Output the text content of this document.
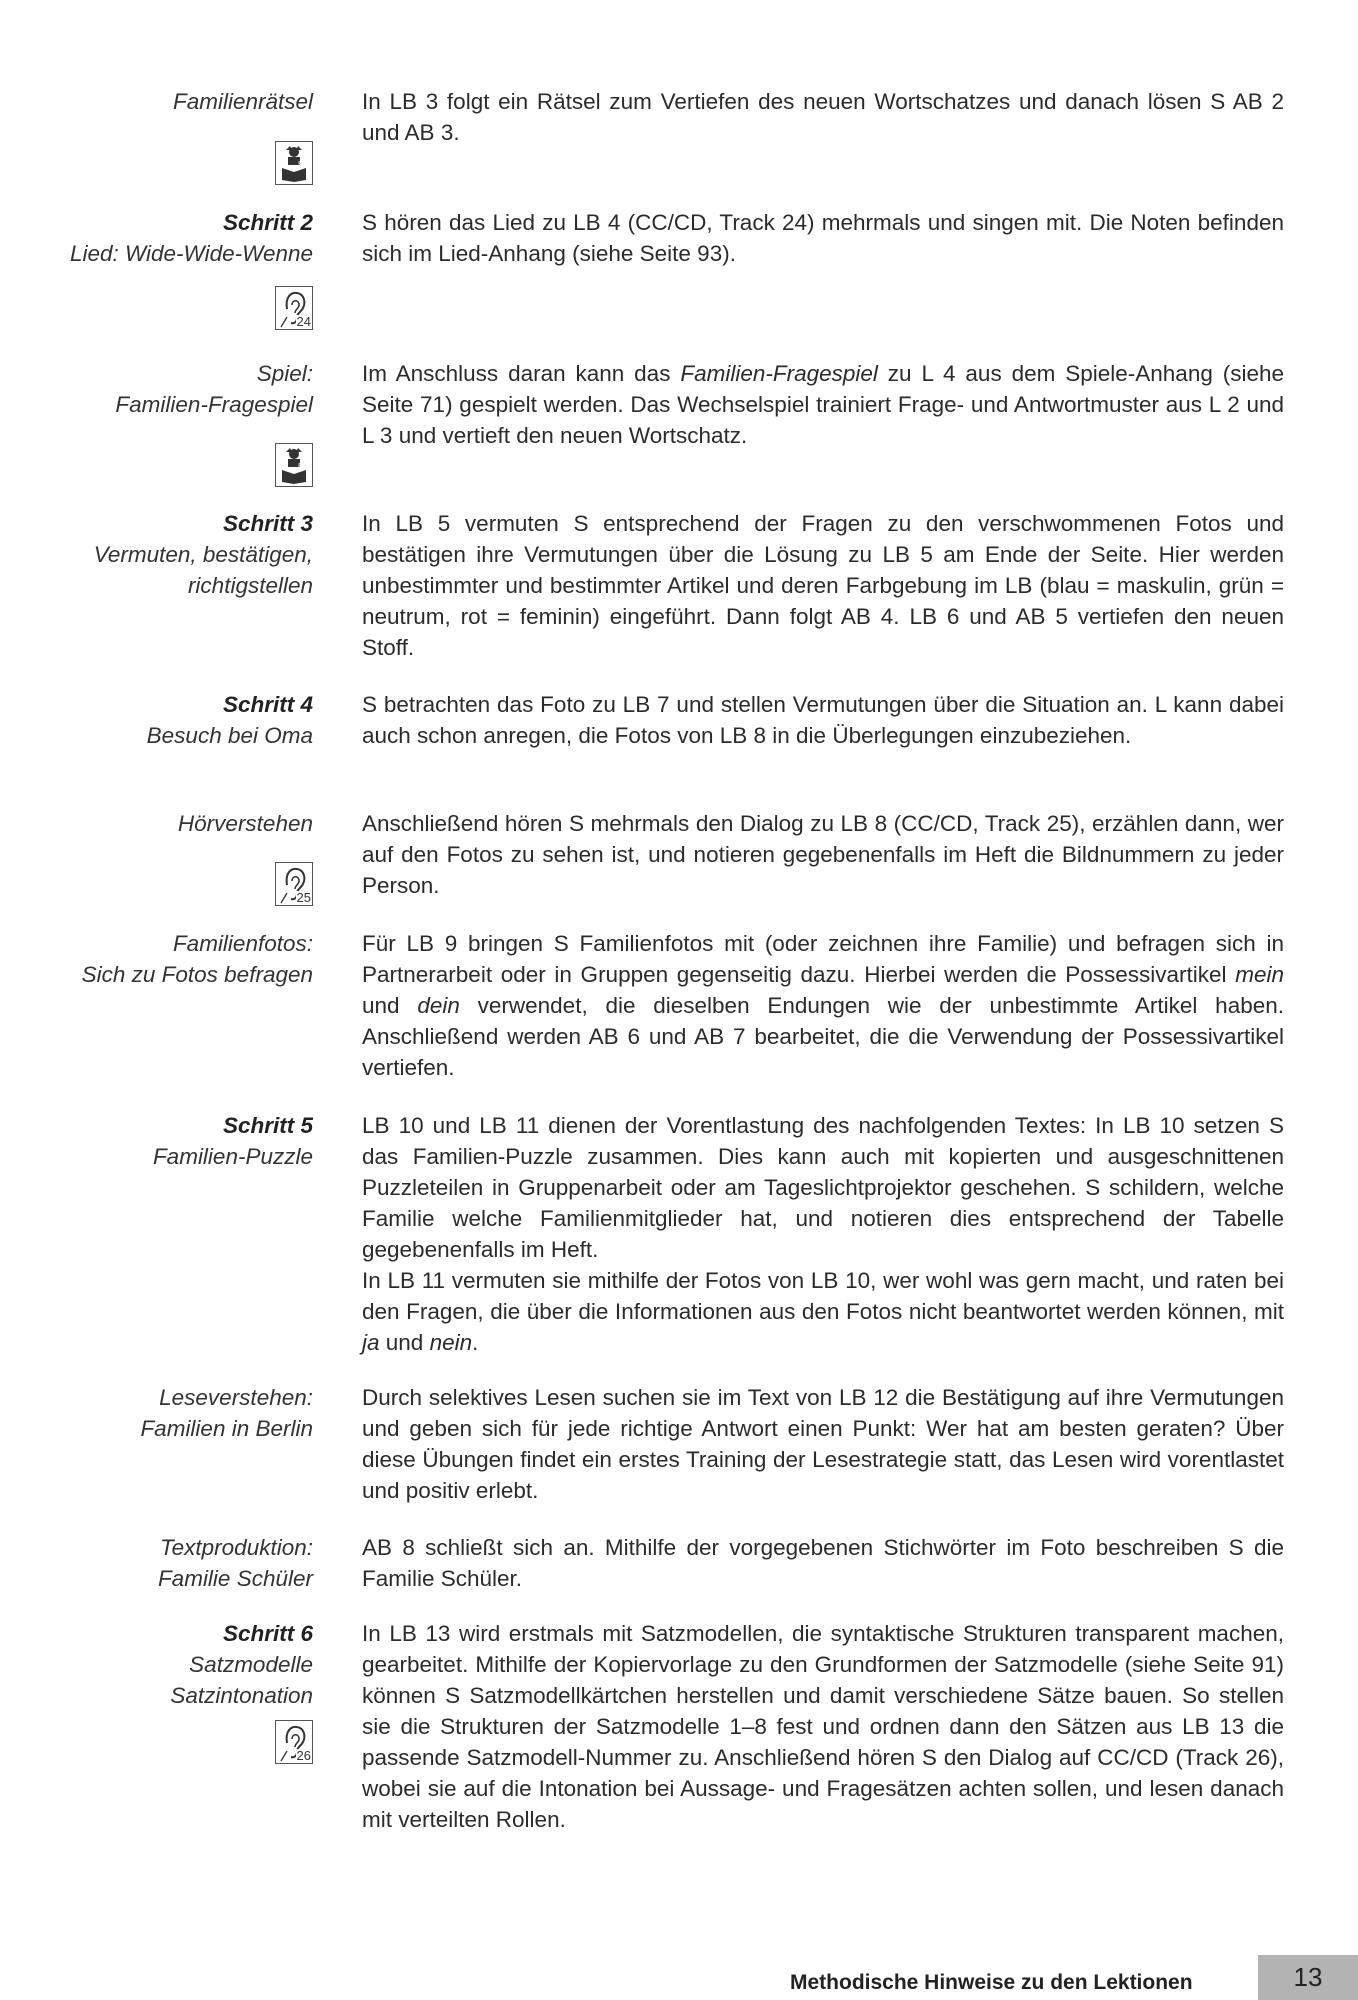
Familienrätsel In LB 3 folgt ein Rätsel zum Vertiefen des neuen Wortschatzes und danach lösen S AB 2 und AB 3.

E
Schritt 2
Lied: Wide-Wide-Wenne

S hören das Lied zu LB 4 (CC/CD, Track 24) mehrmals und singen mit. Die Noten befinden sich im Lied-Anhang (siehe Seite 93).

24
Spiel:
Familien-Fragespiel

Im Anschluss daran kann das Familien-Fragespiel zu L 4 aus dem Spiele-Anhang (siehe Seite 71) gespielt werden. Das Wechselspiel trainiert Frage- und Antwortmuster aus L 2 und L 3 und vertieft den neuen Wortschatz.

E
Schritt 3
Vermuten, bestätigen,
richtigstellen

In LB 5 vermuten S entsprechend der Fragen zu den verschwommenen Fotos und bestätigen ihre Vermutungen über die Lösung zu LB 5 am Ende der Seite. Hier werden unbestimmter und bestimmter Artikel und deren Farbgebung im LB (blau = maskulin, grün = neutrum, rot = feminin) eingeführt. Dann folgt AB 4. LB 6 und AB 5 vertiefen den neuen Stoff.

Schritt 4
Besuch bei Oma

S betrachten das Foto zu LB 7 und stellen Vermutungen über die Situation an. L kann dabei auch schon anregen, die Fotos von LB 8 in die Überlegungen einzubeziehen.

Hörverstehen Anschließend hören S mehrmals den Dialog zu LB 8 (CC/CD, Track 25), erzählen dann, wer auf den Fotos zu sehen ist, und notieren gegebenenfalls im Heft die Bildnummern zu jeder Person.

25
Familienfotos:
Sich zu Fotos befragen

Für LB 9 bringen S Familienfotos mit (oder zeichnen ihre Familie) und befragen sich in Partnerarbeit oder in Gruppen gegenseitig dazu. Hierbei werden die Possessivartikel mein und dein verwendet, die dieselben Endungen wie der unbestimmte Artikel haben. Anschließend werden AB 6 und AB 7 bearbeitet, die die Verwendung der Possessivartikel vertiefen.

Schritt 5
Familien-Puzzle

LB 10 und LB 11 dienen der Vorentlastung des nachfolgenden Textes: In LB 10 setzen S das Familien-Puzzle zusammen. Dies kann auch mit kopierten und ausgeschnittenen Puzzleteilen in Gruppenarbeit oder am Tageslichtprojektor geschehen. S schildern, welche Familie welche Familienmitglieder hat, und notieren dies entsprechend der Tabelle gegebenenfalls im Heft.

In LB 11 vermuten sie mithilfe der Fotos von LB 10, wer wohl was gern macht, und raten bei den Fragen, die über die Informationen aus den Fotos nicht beantwortet werden können, mit ja und nein.

Leseverstehen:
Familien in Berlin

Durch selektives Lesen suchen sie im Text von LB 12 die Bestätigung auf ihre Vermutungen und geben sich für jede richtige Antwort einen Punkt: Wer hat am besten geraten? Über diese Übungen findet ein erstes Training der Lesestrategie statt, das Lesen wird vorentlastet und positiv erlebt.

Textproduktion:
Familie Schüler

AB 8 schließt sich an. Mithilfe der vorgegebenen Stichwörter im Foto beschreiben S die Familie Schüler.

Schritt 6
Satzmodelle
Satzintonation

In LB 13 wird erstmals mit Satzmodellen, die syntaktische Strukturen transparent machen, gearbeitet. Mithilfe der Kopiervorlage zu den Grundformen der Satzmodelle (siehe Seite 91) können S Satzmodellkärtchen herstellen und damit verschiedene Sätze bauen. So stellen sie die Strukturen der Satzmodelle 1–8 fest und ordnen dann den Sätzen aus LB 13 die passende Satzmodell-Nummer zu. Anschließend hören S den Dialog auf CC/CD (Track 26), wobei sie auf die Intonation bei Aussage- und Fragesätzen achten sollen, und lesen danach mit verteilten Rollen.

26
Methodische Hinweise zu den Lektionen	13
